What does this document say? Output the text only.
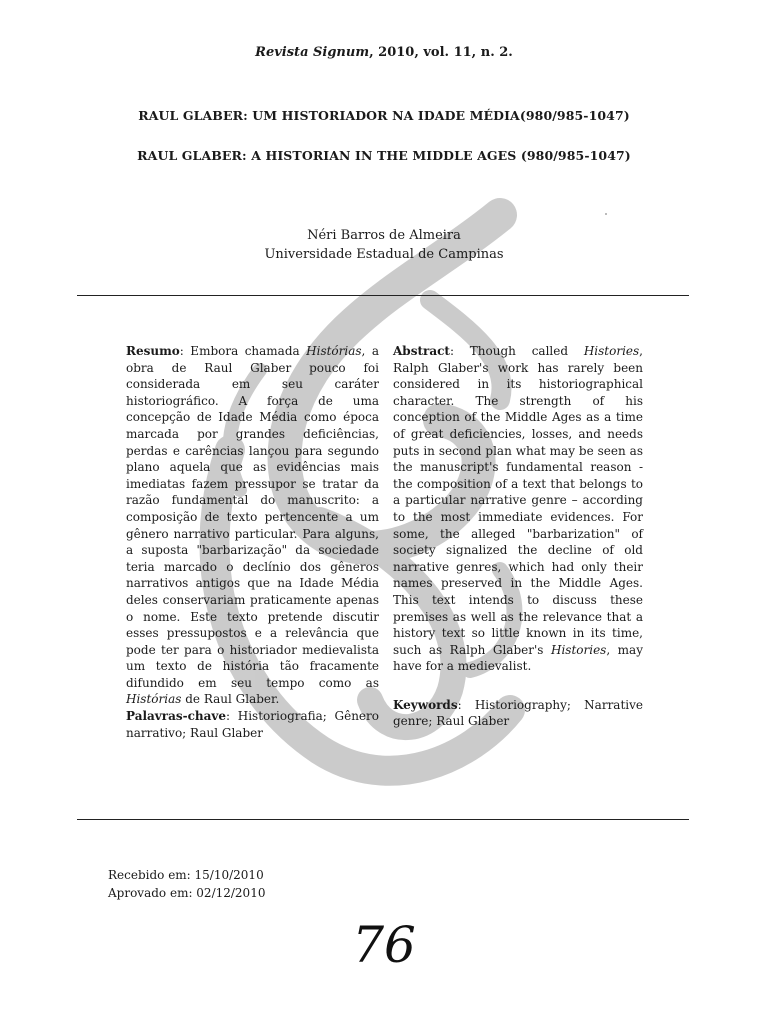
Revista Signum, 2010, vol. 11, n. 2.
RAUL GLABER: UM HISTORIADOR NA IDADE MÉDIA(980/985-1047)
RAUL GLABER: A HISTORIAN IN THE MIDDLE AGES (980/985-1047)
Néri Barros de Almeira
Universidade Estadual de Campinas

Resumo: Embora chamada Histórias, a obra de Raul Glaber pouco foi considerada em seu caráter historiográfico. A força de uma concepção de Idade Média como época marcada por grandes deficiências, perdas e carências lançou para segundo plano aquela que as evidências mais imediatas fazem pressupor se tratar da razão fundamental do manuscrito: a composição de texto pertencente a um gênero narrativo particular. Para alguns, a suposta "barbarização" da sociedade teria marcado o declínio dos gêneros narrativos antigos que na Idade Média deles conservariam praticamente apenas o nome. Este texto pretende discutir esses pressupostos e a relevância que pode ter para o historiador medievalista um texto de história tão fracamente difundido em seu tempo como as Histórias de Raul Glaber.

Palavras-chave: Historiografia; Gênero narrativo; Raul Glaber

Abstract: Though called Histories, Ralph Glaber's work has rarely been considered in its historiographical character. The strength of his conception of the Middle Ages as a time of great deficiencies, losses, and needs puts in second plan what may be seen as the manuscript's fundamental reason - the composition of a text that belongs to a particular narrative genre – according to the most immediate evidences. For some, the alleged "barbarization" of society signalized the decline of old narrative genres, which had only their names preserved in the Middle Ages. This text intends to discuss these premises as well as the relevance that a history text so little known in its time, such as Ralph Glaber's Histories, may have for a medievalist.

Keywords: Historiography; Narrative genre; Raul Glaber

Recebido em: 15/10/2010
Aprovado em: 02/12/2010
76
